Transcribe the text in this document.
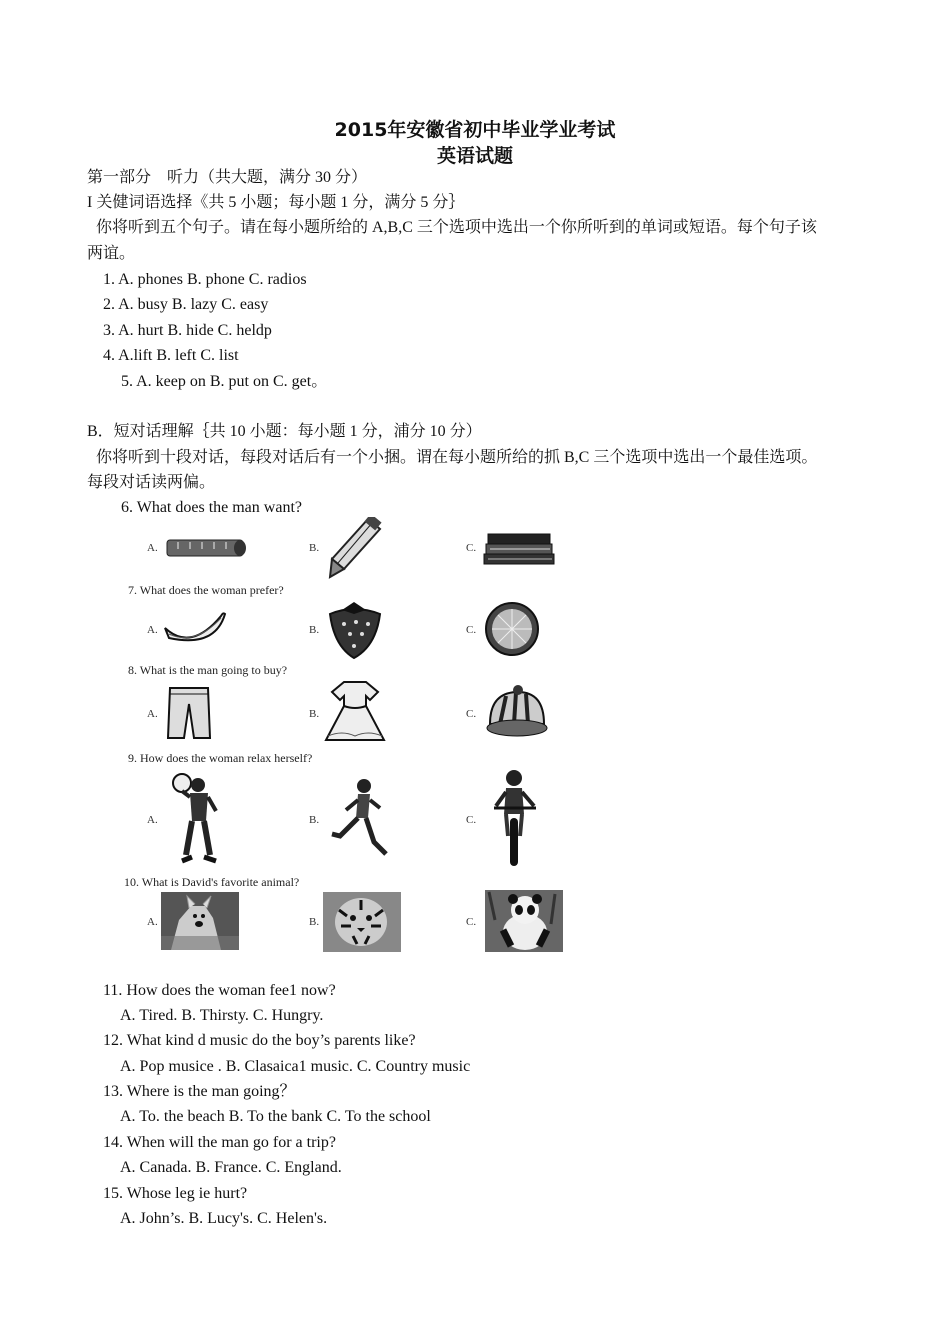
2015年安徽省初中毕业学业考试
英语试题
第一部分　听力（共大题，满分 30 分）
I 关健词语选择《共 5 小题；每小题 1 分，满分 5 分｝
你将听到五个句子。请在每小题所给的 A,B,C 三个选项中选出一个你所听到的单词或短语。每个句子该
两谊。
1. A. phones B. phone C. radios
2. A. busy B. lazy C. easy
3. A. hurt B. hide C. heldp
4. A.lift B. left C. list
5. A. keep on B. put on C. get。
B．短对话理解｛共 10 小题：每小题 1 分，浦分 10 分）
你将听到十段对话，每段对话后有一个小捆。谓在每小题所给的抓 B,C 三个选项中选出一个最佳选项。
每段对话读两偏。
6. What does the man want?
A.	B.	C.
7. What does the woman prefer?
A.	B.	C.
8. What is the man going to buy?
A.	B.	C.
9. How does the woman relax herself?
A.	B.	C.
10. What is David's favorite animal?
A.	B.	C.
11. How does the woman fee1 now?
A. Tired. B. Thirsty. C. Hungry.
12. What kind d music do the boy’s parents like?
A. Pop musice . B. Clasaica1 music. C. Country music
13. Where is the man going？
A. To. the beach B. To the bank C. To the school
14. When will the man go for a trip?
A. Canada. B. France. C. England.
15. Whose leg ie hurt?
A. John’s. B. Lucy's. C. Helen's.
